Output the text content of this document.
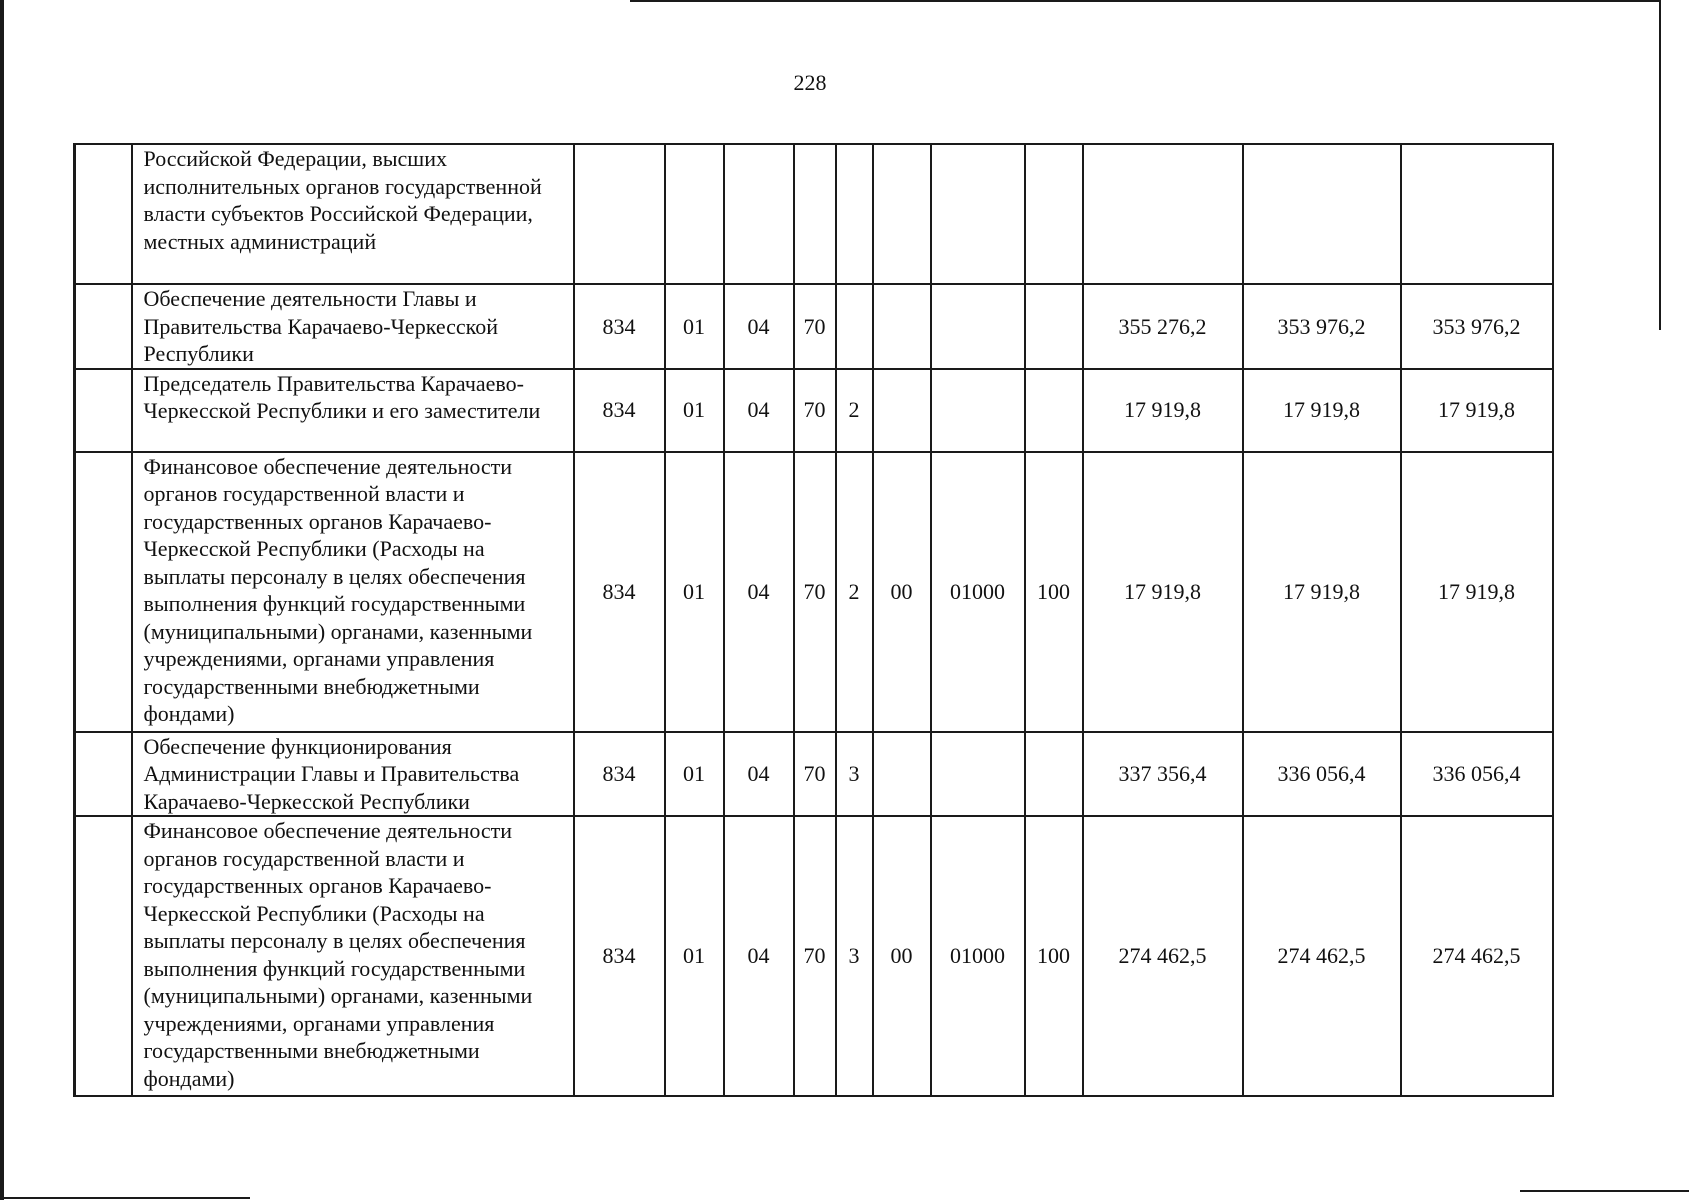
228
	Российской Федерации, высших исполнительных органов государственной власти субъектов Российской Федерации, местных администраций											
	Обеспечение деятельности Главы и Правительства Карачаево-Черкесской Республики	834	01	04	70					355 276,2	353 976,2	353 976,2
	Председатель Правительства Карачаево-Черкесской Республики и его заместители	834	01	04	70	2				17 919,8	17 919,8	17 919,8
	Финансовое обеспечение деятельности органов государственной власти и государственных органов Карачаево-Черкесской Республики (Расходы на выплаты персоналу в целях обеспечения выполнения функций государственными (муниципальными) органами, казенными учреждениями, органами управления государственными внебюджетными фондами)	834	01	04	70	2	00	01000	100	17 919,8	17 919,8	17 919,8
	Обеспечение функционирования Администрации Главы и Правительства Карачаево-Черкесской Республики	834	01	04	70	3				337 356,4	336 056,4	336 056,4
	Финансовое обеспечение деятельности органов государственной власти и государственных органов Карачаево-Черкесской Республики (Расходы на выплаты персоналу в целях обеспечения выполнения функций государственными (муниципальными) органами, казенными учреждениями, органами управления государственными внебюджетными фондами)	834	01	04	70	3	00	01000	100	274 462,5	274 462,5	274 462,5
